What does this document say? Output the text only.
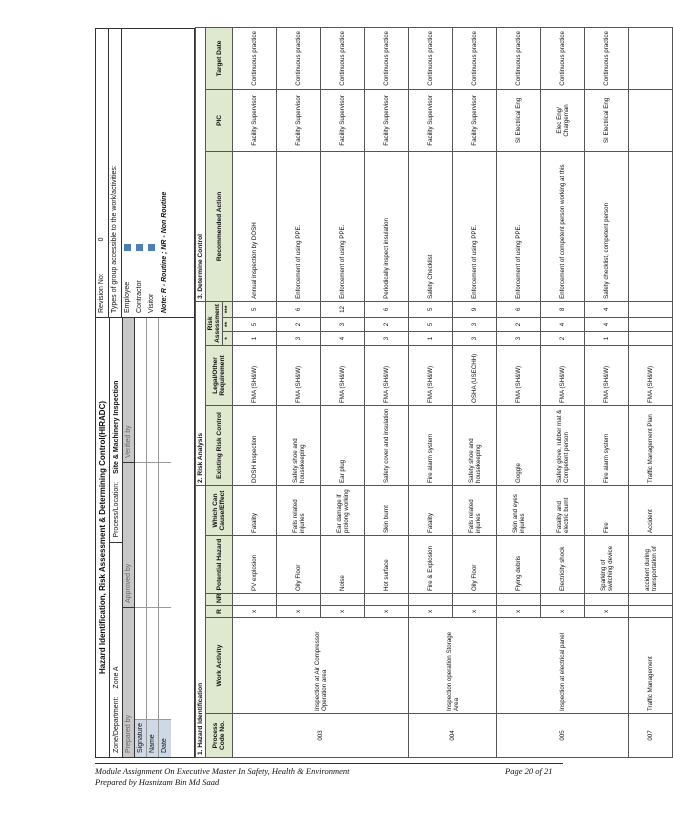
Hazard Identification, Risk Assessment & Determining Control(HIRADC)
Zone/Department:
Zone A
Process/Location:
Site & Machinery Inspection
Prepared by
Approved by
Verified by
Signature Name Date
Revision No: 0 Types of group accessible to the work/activities: Employee Contractor Visitor Note: R - Routine ; NR - Non Routine
1. Hazard Identification						2. Risk Analysis					3. Determine Control		
Process Code No.	Work Activity	R	NR	Potential Hazard	Which Can Cause/Effect	Existing Risk Control	Legal/Other Requirement	Risk Assessment			Recommended Action	PIC	Target Date
								*	**	***			
003	Inspection at Air Compressor Operation area	x		PV explosion	Fatality	DOSH inspection	FMA (SH&W)	1	5	5	Annual inspection by DOSH	Facility Supervisor	Continuous practice
		x		Oily Floor	Falls related injuries	Safety shoe and housekeeping	FMA (SH&W)	3	2	6	Enforcement of using PPE.	Facility Supervisor	Continuous practice
		x		Noise	Ear damage if prolong working	Ear plug	FMA (SH&W)	4	3	12	Enforcement of using PPE.	Facility Supervisor	Continuous practice
		x		Hot surface	Skin burnt	Safety cover and insulation	FMA (SH&W)	3	2	6	Periodically inspect insulation	Facility Supervisor	Continuous practice
004	Inspection operation Storage Area	x		Fire & Explosion	Fatality	Fire alarm system	FMA (SH&W)	1	5	5	Safety Checklist	Facility Supervisor	Continuous practice
		x		Oily Floor	Falls related injuries	Safety shoe and housekeeping	OSHA (USECHH)	3	3	9	Enforcement of using PPE.	Facility Supervisor	Continuous practice
005	Inspection at electrical panel	x		Flying debris	Skin and eyes injuries	Goggle	FMA (SH&W)	3	2	6	Enforcement of using PPE.	SI Electrical Eng	Continuous practice
		x		Electricity shock	Fatality and electric burnt	Safety glove, rubber mat & Competent person	FMA (SH&W)	2	4	8	Enforcement of competent person working at this	Elec Eng/ Chargeman	Continuous practice
		x		Sparking of switching device	Fire	Fire alarm system	FMA (SH&W)	1	4	4	Safety checklist, competent person	SI Electrical Eng	Continuous practice
007	Traffic Management			accident during transportation of	Accident	Traffic Management Plan	FMA (SH&W)						
Module Assignment On Executive Master In Safety, Health & Environment	Page 20 of 21
Prepared by Hasnizam Bin Md Saad
